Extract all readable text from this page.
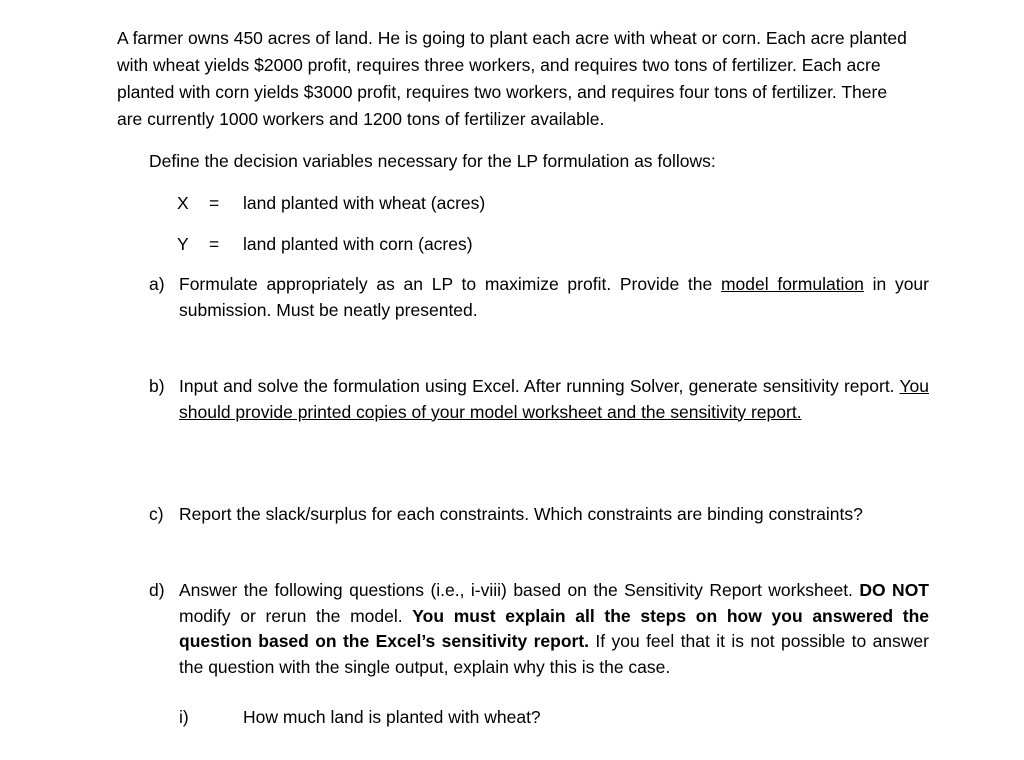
A farmer owns 450 acres of land. He is going to plant each acre with wheat or corn. Each acre planted with wheat yields $2000 profit, requires three workers, and requires two tons of fertilizer. Each acre planted with corn yields $3000 profit, requires two workers, and requires four tons of fertilizer. There are currently 1000 workers and 1200 tons of fertilizer available.

Define the decision variables necessary for the LP formulation as follows:

X = land planted with wheat (acres)

Y = land planted with corn (acres)

a) Formulate appropriately as an LP to maximize profit. Provide the model formulation in your submission. Must be neatly presented.

b) Input and solve the formulation using Excel. After running Solver, generate sensitivity report. You should provide printed copies of your model worksheet and the sensitivity report.

c) Report the slack/surplus for each constraints. Which constraints are binding constraints?

d) Answer the following questions (i.e., i-viii) based on the Sensitivity Report worksheet. DO NOT modify or rerun the model. You must explain all the steps on how you answered the question based on the Excel’s sensitivity report. If you feel that it is not possible to answer the question with the single output, explain why this is the case.

i)	How much land is planted with wheat?
